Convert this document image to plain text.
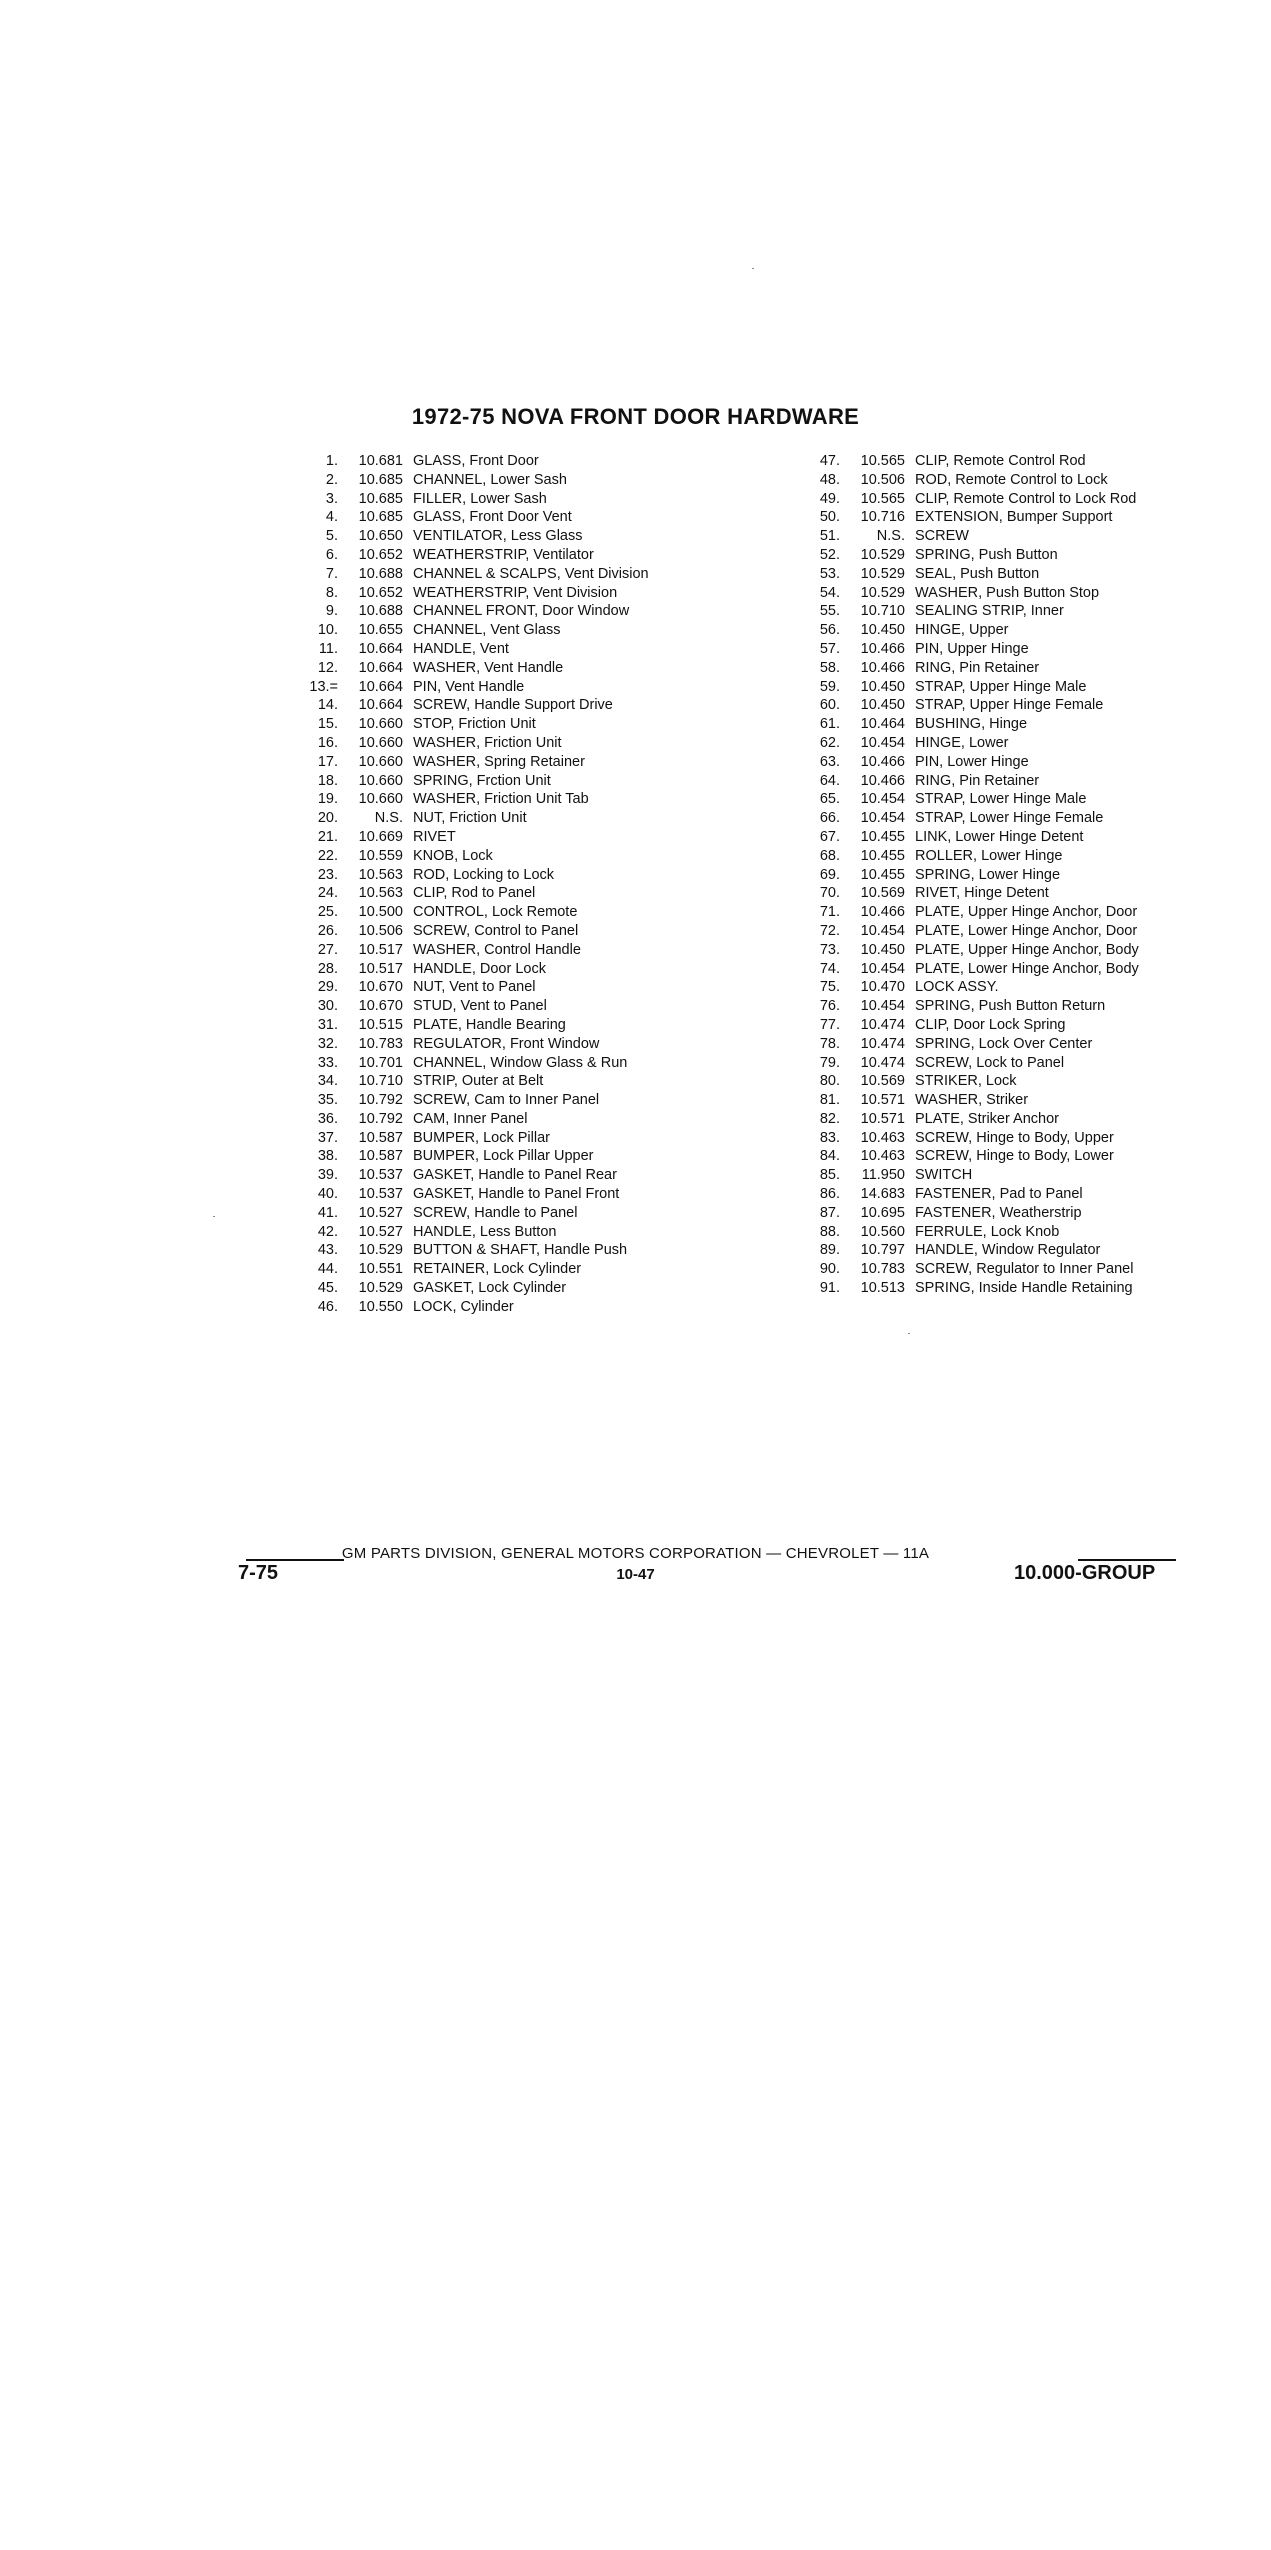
1972-75 NOVA FRONT DOOR HARDWARE
1.	10.681 GLASS, Front Door
2.	10.685 CHANNEL, Lower Sash
3.	10.685 FILLER, Lower Sash
4.	10.685 GLASS, Front Door Vent
5.	10.650 VENTILATOR, Less Glass
6.	10.652 WEATHERSTRIP, Ventilator
7.	10.688 CHANNEL & SCALPS, Vent Division
8.	10.652 WEATHERSTRIP, Vent Division
9.	10.688 CHANNEL FRONT, Door Window
10.	10.655 CHANNEL, Vent Glass
11.	10.664 HANDLE, Vent
12.	10.664 WASHER, Vent Handle
13.=	10.664 PIN, Vent Handle
14.	10.664 SCREW, Handle Support Drive
15.	10.660 STOP, Friction Unit
16.	10.660 WASHER, Friction Unit
17.	10.660 WASHER, Spring Retainer
18.	10.660 SPRING, Frction Unit
19.	10.660 WASHER, Friction Unit Tab
20.	N.S. NUT, Friction Unit
21.	10.669 RIVET
22.	10.559 KNOB, Lock
23.	10.563 ROD, Locking to Lock
24.	10.563 CLIP, Rod to Panel
25.	10.500 CONTROL, Lock Remote
26.	10.506 SCREW, Control to Panel
27.	10.517 WASHER, Control Handle
28.	10.517 HANDLE, Door Lock
29.	10.670 NUT, Vent to Panel
30.	10.670 STUD, Vent to Panel
31.	10.515 PLATE, Handle Bearing
32.	10.783 REGULATOR, Front Window
33.	10.701 CHANNEL, Window Glass & Run
34.	10.710 STRIP, Outer at Belt
35.	10.792 SCREW, Cam to Inner Panel
36.	10.792 CAM, Inner Panel
37.	10.587 BUMPER, Lock Pillar
38.	10.587 BUMPER, Lock Pillar Upper
39.	10.537 GASKET, Handle to Panel Rear
40.	10.537 GASKET, Handle to Panel Front
41.	10.527 SCREW, Handle to Panel
42.	10.527 HANDLE, Less Button
43.	10.529 BUTTON & SHAFT, Handle Push
44.	10.551 RETAINER, Lock Cylinder
45.	10.529 GASKET, Lock Cylinder
46.	10.550 LOCK, Cylinder
47.	10.565 CLIP, Remote Control Rod
48.	10.506 ROD, Remote Control to Lock
49.	10.565 CLIP, Remote Control to Lock Rod
50.	10.716 EXTENSION, Bumper Support
51.	N.S. SCREW
52.	10.529 SPRING, Push Button
53.	10.529 SEAL, Push Button
54.	10.529 WASHER, Push Button Stop
55.	10.710 SEALING STRIP, Inner
56.	10.450 HINGE, Upper
57.	10.466 PIN, Upper Hinge
58.	10.466 RING, Pin Retainer
59.	10.450 STRAP, Upper Hinge Male
60.	10.450 STRAP, Upper Hinge Female
61.	10.464 BUSHING, Hinge
62.	10.454 HINGE, Lower
63.	10.466 PIN, Lower Hinge
64.	10.466 RING, Pin Retainer
65.	10.454 STRAP, Lower Hinge Male
66.	10.454 STRAP, Lower Hinge Female
67.	10.455 LINK, Lower Hinge Detent
68.	10.455 ROLLER, Lower Hinge
69.	10.455 SPRING, Lower Hinge
70.	10.569 RIVET, Hinge Detent
71.	10.466 PLATE, Upper Hinge Anchor, Door
72.	10.454 PLATE, Lower Hinge Anchor, Door
73.	10.450 PLATE, Upper Hinge Anchor, Body
74.	10.454 PLATE, Lower Hinge Anchor, Body
75.	10.470 LOCK ASSY.
76.	10.454 SPRING, Push Button Return
77.	10.474 CLIP, Door Lock Spring
78.	10.474 SPRING, Lock Over Center
79.	10.474 SCREW, Lock to Panel
80.	10.569 STRIKER, Lock
81.	10.571 WASHER, Striker
82.	10.571 PLATE, Striker Anchor
83.	10.463 SCREW, Hinge to Body, Upper
84.	10.463 SCREW, Hinge to Body, Lower
85.	11.950 SWITCH
86.	14.683 FASTENER, Pad to Panel
87.	10.695 FASTENER, Weatherstrip
88.	10.560 FERRULE, Lock Knob
89.	10.797 HANDLE, Window Regulator
90.	10.783 SCREW, Regulator to Inner Panel
91.	10.513 SPRING, Inside Handle Retaining
GM PARTS DIVISION, GENERAL MOTORS CORPORATION — CHEVROLET — 11A
7-75	10-47	10.000-GROUP
